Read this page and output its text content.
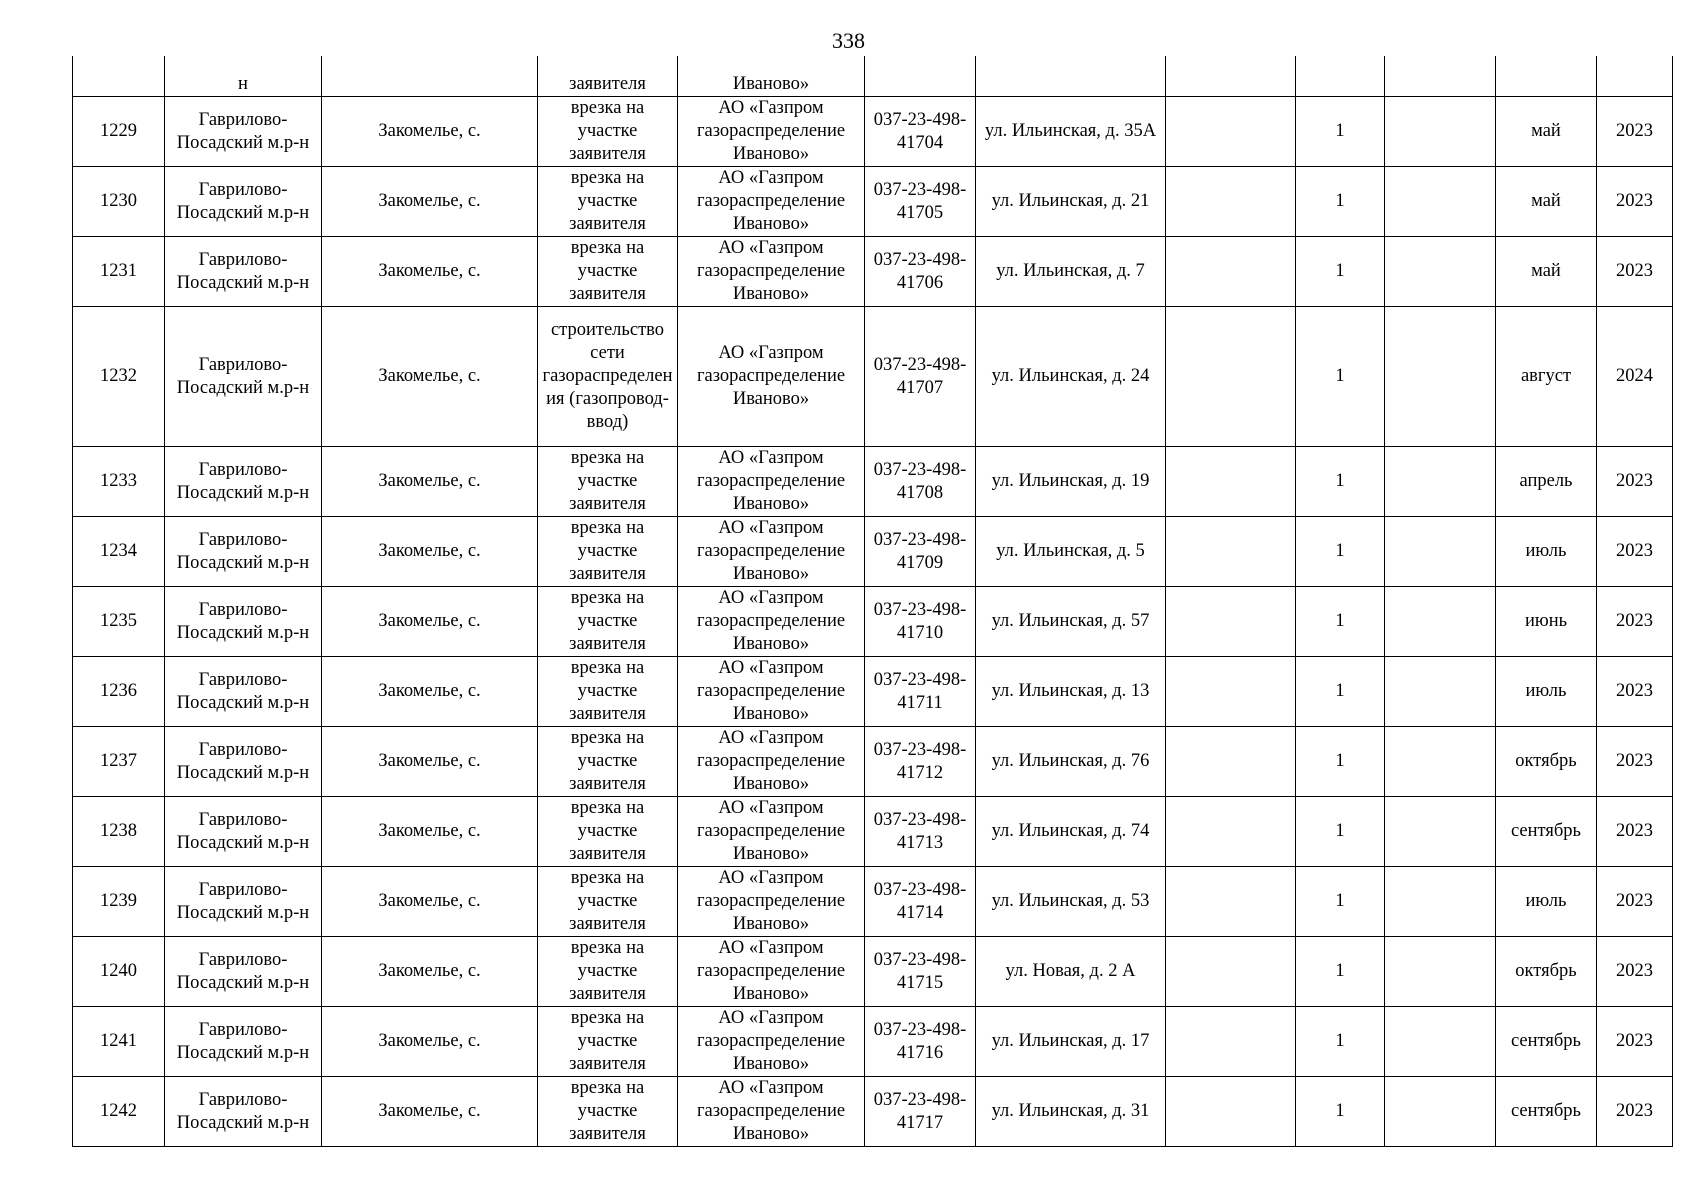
338
	н		заявителя	Иваново»							
1229	Гаврилово-Посадский м.р-н	Закомелье, с.	врезка на участке заявителя	АО «Газпром газораспределение Иваново»	037-23-498-41704	ул. Ильинская, д. 35А		1		май	2023
1230	Гаврилово-Посадский м.р-н	Закомелье, с.	врезка на участке заявителя	АО «Газпром газораспределение Иваново»	037-23-498-41705	ул. Ильинская, д. 21		1		май	2023
1231	Гаврилово-Посадский м.р-н	Закомелье, с.	врезка на участке заявителя	АО «Газпром газораспределение Иваново»	037-23-498-41706	ул. Ильинская, д. 7		1		май	2023
1232	Гаврилово-Посадский м.р-н	Закомелье, с.	строительство сети газораспределения (газопровод-ввод)	АО «Газпром газораспределение Иваново»	037-23-498-41707	ул. Ильинская, д. 24		1		август	2024
1233	Гаврилово-Посадский м.р-н	Закомелье, с.	врезка на участке заявителя	АО «Газпром газораспределение Иваново»	037-23-498-41708	ул. Ильинская, д. 19		1		апрель	2023
1234	Гаврилово-Посадский м.р-н	Закомелье, с.	врезка на участке заявителя	АО «Газпром газораспределение Иваново»	037-23-498-41709	ул. Ильинская, д. 5		1		июль	2023
1235	Гаврилово-Посадский м.р-н	Закомелье, с.	врезка на участке заявителя	АО «Газпром газораспределение Иваново»	037-23-498-41710	ул. Ильинская, д. 57		1		июнь	2023
1236	Гаврилово-Посадский м.р-н	Закомелье, с.	врезка на участке заявителя	АО «Газпром газораспределение Иваново»	037-23-498-41711	ул. Ильинская, д. 13		1		июль	2023
1237	Гаврилово-Посадский м.р-н	Закомелье, с.	врезка на участке заявителя	АО «Газпром газораспределение Иваново»	037-23-498-41712	ул. Ильинская, д. 76		1		октябрь	2023
1238	Гаврилово-Посадский м.р-н	Закомелье, с.	врезка на участке заявителя	АО «Газпром газораспределение Иваново»	037-23-498-41713	ул. Ильинская, д. 74		1		сентябрь	2023
1239	Гаврилово-Посадский м.р-н	Закомелье, с.	врезка на участке заявителя	АО «Газпром газораспределение Иваново»	037-23-498-41714	ул. Ильинская, д. 53		1		июль	2023
1240	Гаврилово-Посадский м.р-н	Закомелье, с.	врезка на участке заявителя	АО «Газпром газораспределение Иваново»	037-23-498-41715	ул. Новая, д. 2 А		1		октябрь	2023
1241	Гаврилово-Посадский м.р-н	Закомелье, с.	врезка на участке заявителя	АО «Газпром газораспределение Иваново»	037-23-498-41716	ул. Ильинская, д. 17		1		сентябрь	2023
1242	Гаврилово-Посадский м.р-н	Закомелье, с.	врезка на участке заявителя	АО «Газпром газораспределение Иваново»	037-23-498-41717	ул. Ильинская, д. 31		1		сентябрь	2023
